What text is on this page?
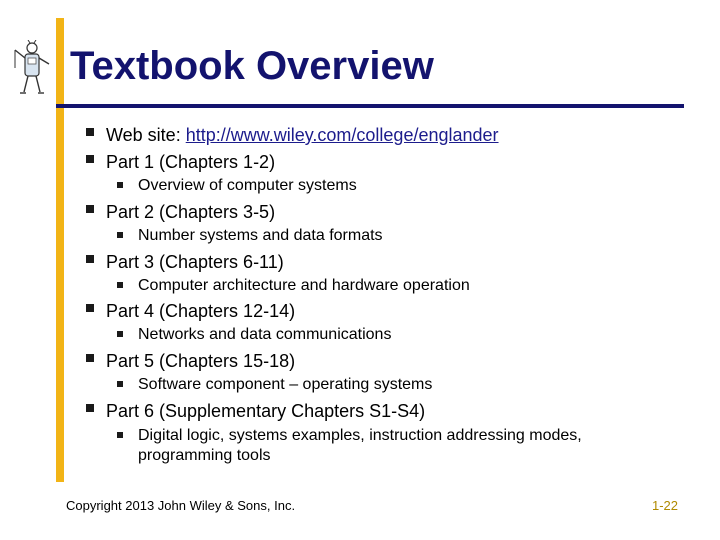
Textbook Overview
Web site: http://www.wiley.com/college/englander
Part 1 (Chapters 1-2)
Overview of computer systems
Part 2 (Chapters 3-5)
Number systems and data formats
Part 3 (Chapters 6-11)
Computer architecture and hardware operation
Part 4 (Chapters 12-14)
Networks and data communications
Part 5 (Chapters 15-18)
Software component – operating systems
Part 6 (Supplementary Chapters S1-S4)
Digital logic, systems examples, instruction addressing modes, programming tools
Copyright 2013 John Wiley & Sons, Inc.	1-22
